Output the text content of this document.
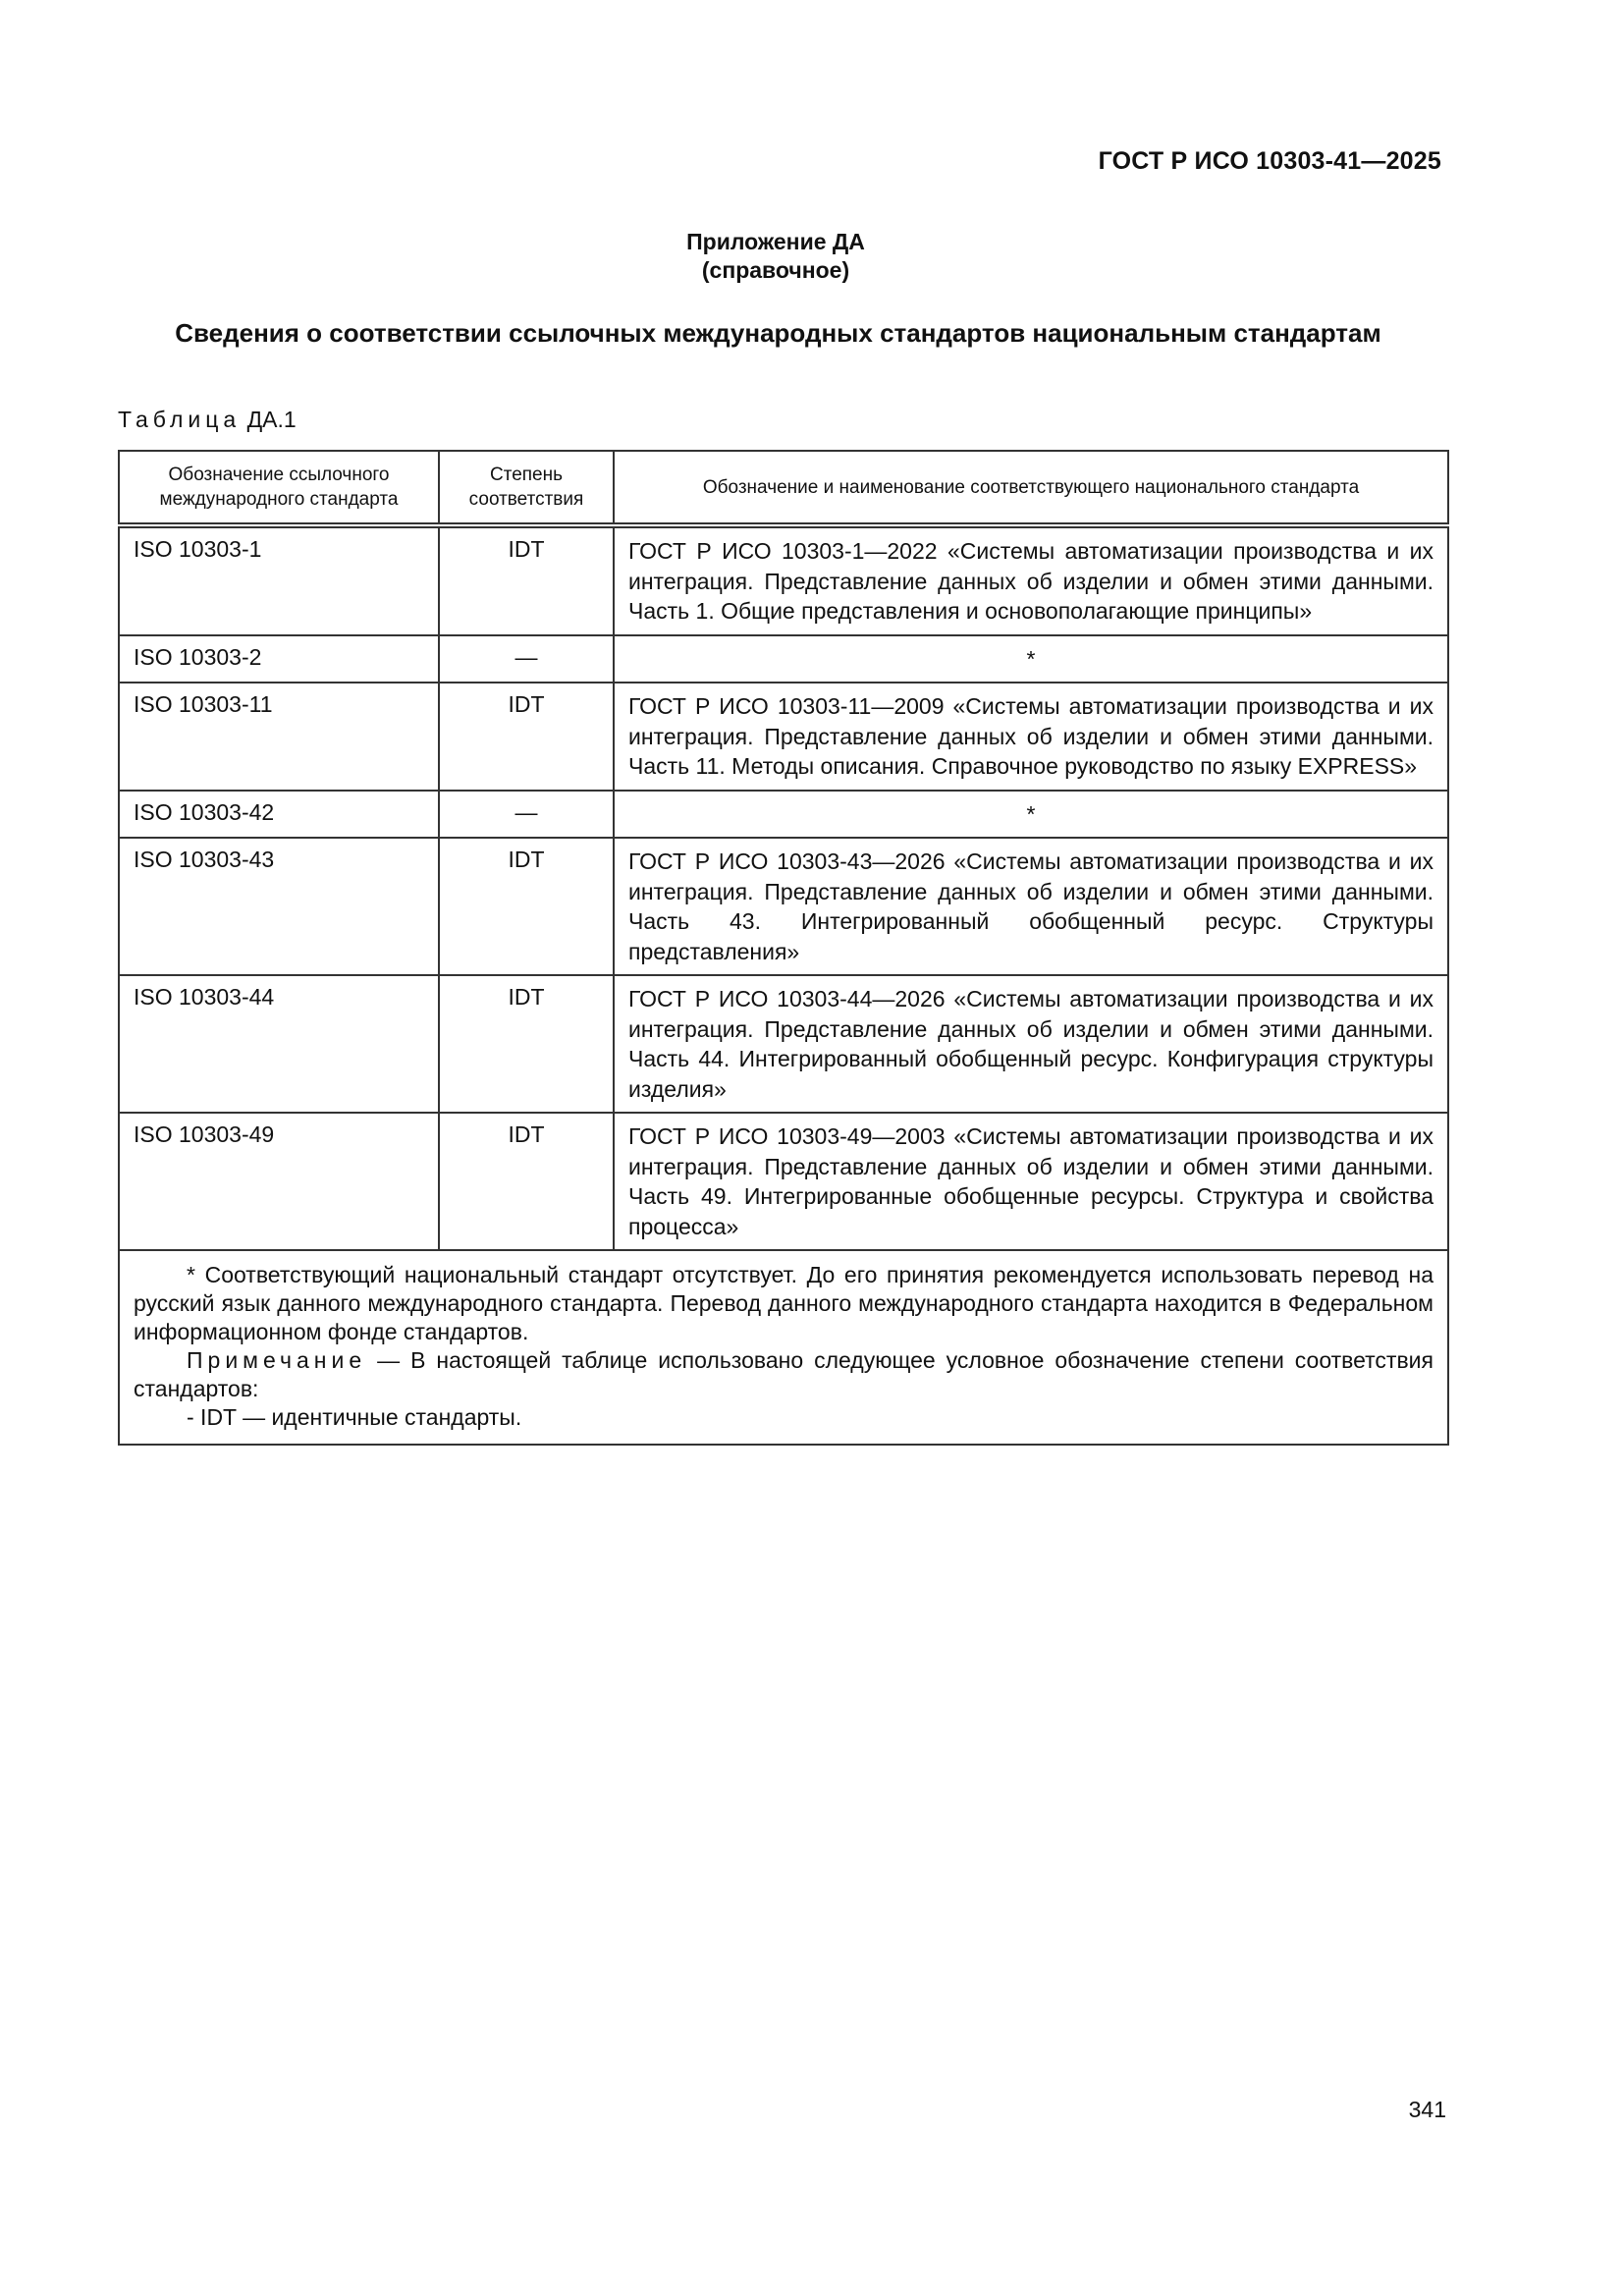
ГОСТ Р ИСО 10303-41—2025
Приложение ДА
(справочное)
Сведения о соответствии ссылочных международных стандартов национальным стандартам
Таблица ДА.1
Обозначение ссылочного международного стандарта	Степень соответствия	Обозначение и наименование соответствующего национального стандарта
ISO 10303-1	IDT	ГОСТ Р ИСО 10303-1—2022 «Системы автоматизации производства и их интеграция. Представление данных об изделии и обмен этими данными. Часть 1. Общие представления и основополагающие принципы»
ISO 10303-2	—	*
ISO 10303-11	IDT	ГОСТ Р ИСО 10303-11—2009 «Системы автоматизации производства и их интеграция. Представление данных об изделии и обмен этими данными. Часть 11. Методы описания. Справочное руководство по языку EXPRESS»
ISO 10303-42	—	*
ISO 10303-43	IDT	ГОСТ Р ИСО 10303-43—2026 «Системы автоматизации производства и их интеграция. Представление данных об изделии и обмен этими данными. Часть 43. Интегрированный обобщенный ресурс. Структуры представления»
ISO 10303-44	IDT	ГОСТ Р ИСО 10303-44—2026 «Системы автоматизации производства и их интеграция. Представление данных об изделии и обмен этими данными. Часть 44. Интегрированный обобщенный ресурс. Конфигурация структуры изделия»
ISO 10303-49	IDT	ГОСТ Р ИСО 10303-49—2003 «Системы автоматизации производства и их интеграция. Представление данных об изделии и обмен этими данными. Часть 49. Интегрированные обобщенные ресурсы. Структура и свойства процесса»

* Соответствующий национальный стандарт отсутствует. До его принятия рекомендуется использовать перевод на русский язык данного международного стандарта. Перевод данного международного стандарта находится в Федеральном информационном фонде стандартов.

Примечание — В настоящей таблице использовано следующее условное обозначение степени соответствия стандартов:

- IDT — идентичные стандарты.		

341
